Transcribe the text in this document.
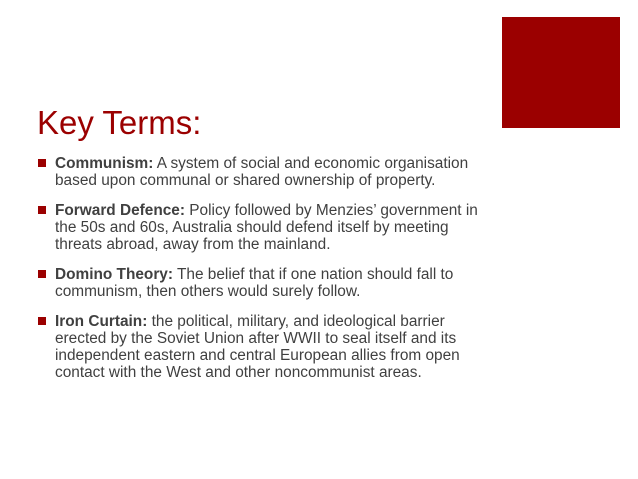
Key Terms:
Communism: A system of social and economic organisation based upon communal or shared ownership of property.
Forward Defence: Policy followed by Menzies’ government in the 50s and 60s, Australia should defend itself by meeting threats abroad, away from the mainland.
Domino Theory: The belief that if one nation should fall to communism, then others would surely follow.
Iron Curtain: the political, military, and ideological barrier erected by the Soviet Union after WWII to seal itself and its independent eastern and central European allies from open contact with the West and other noncommunist areas.
